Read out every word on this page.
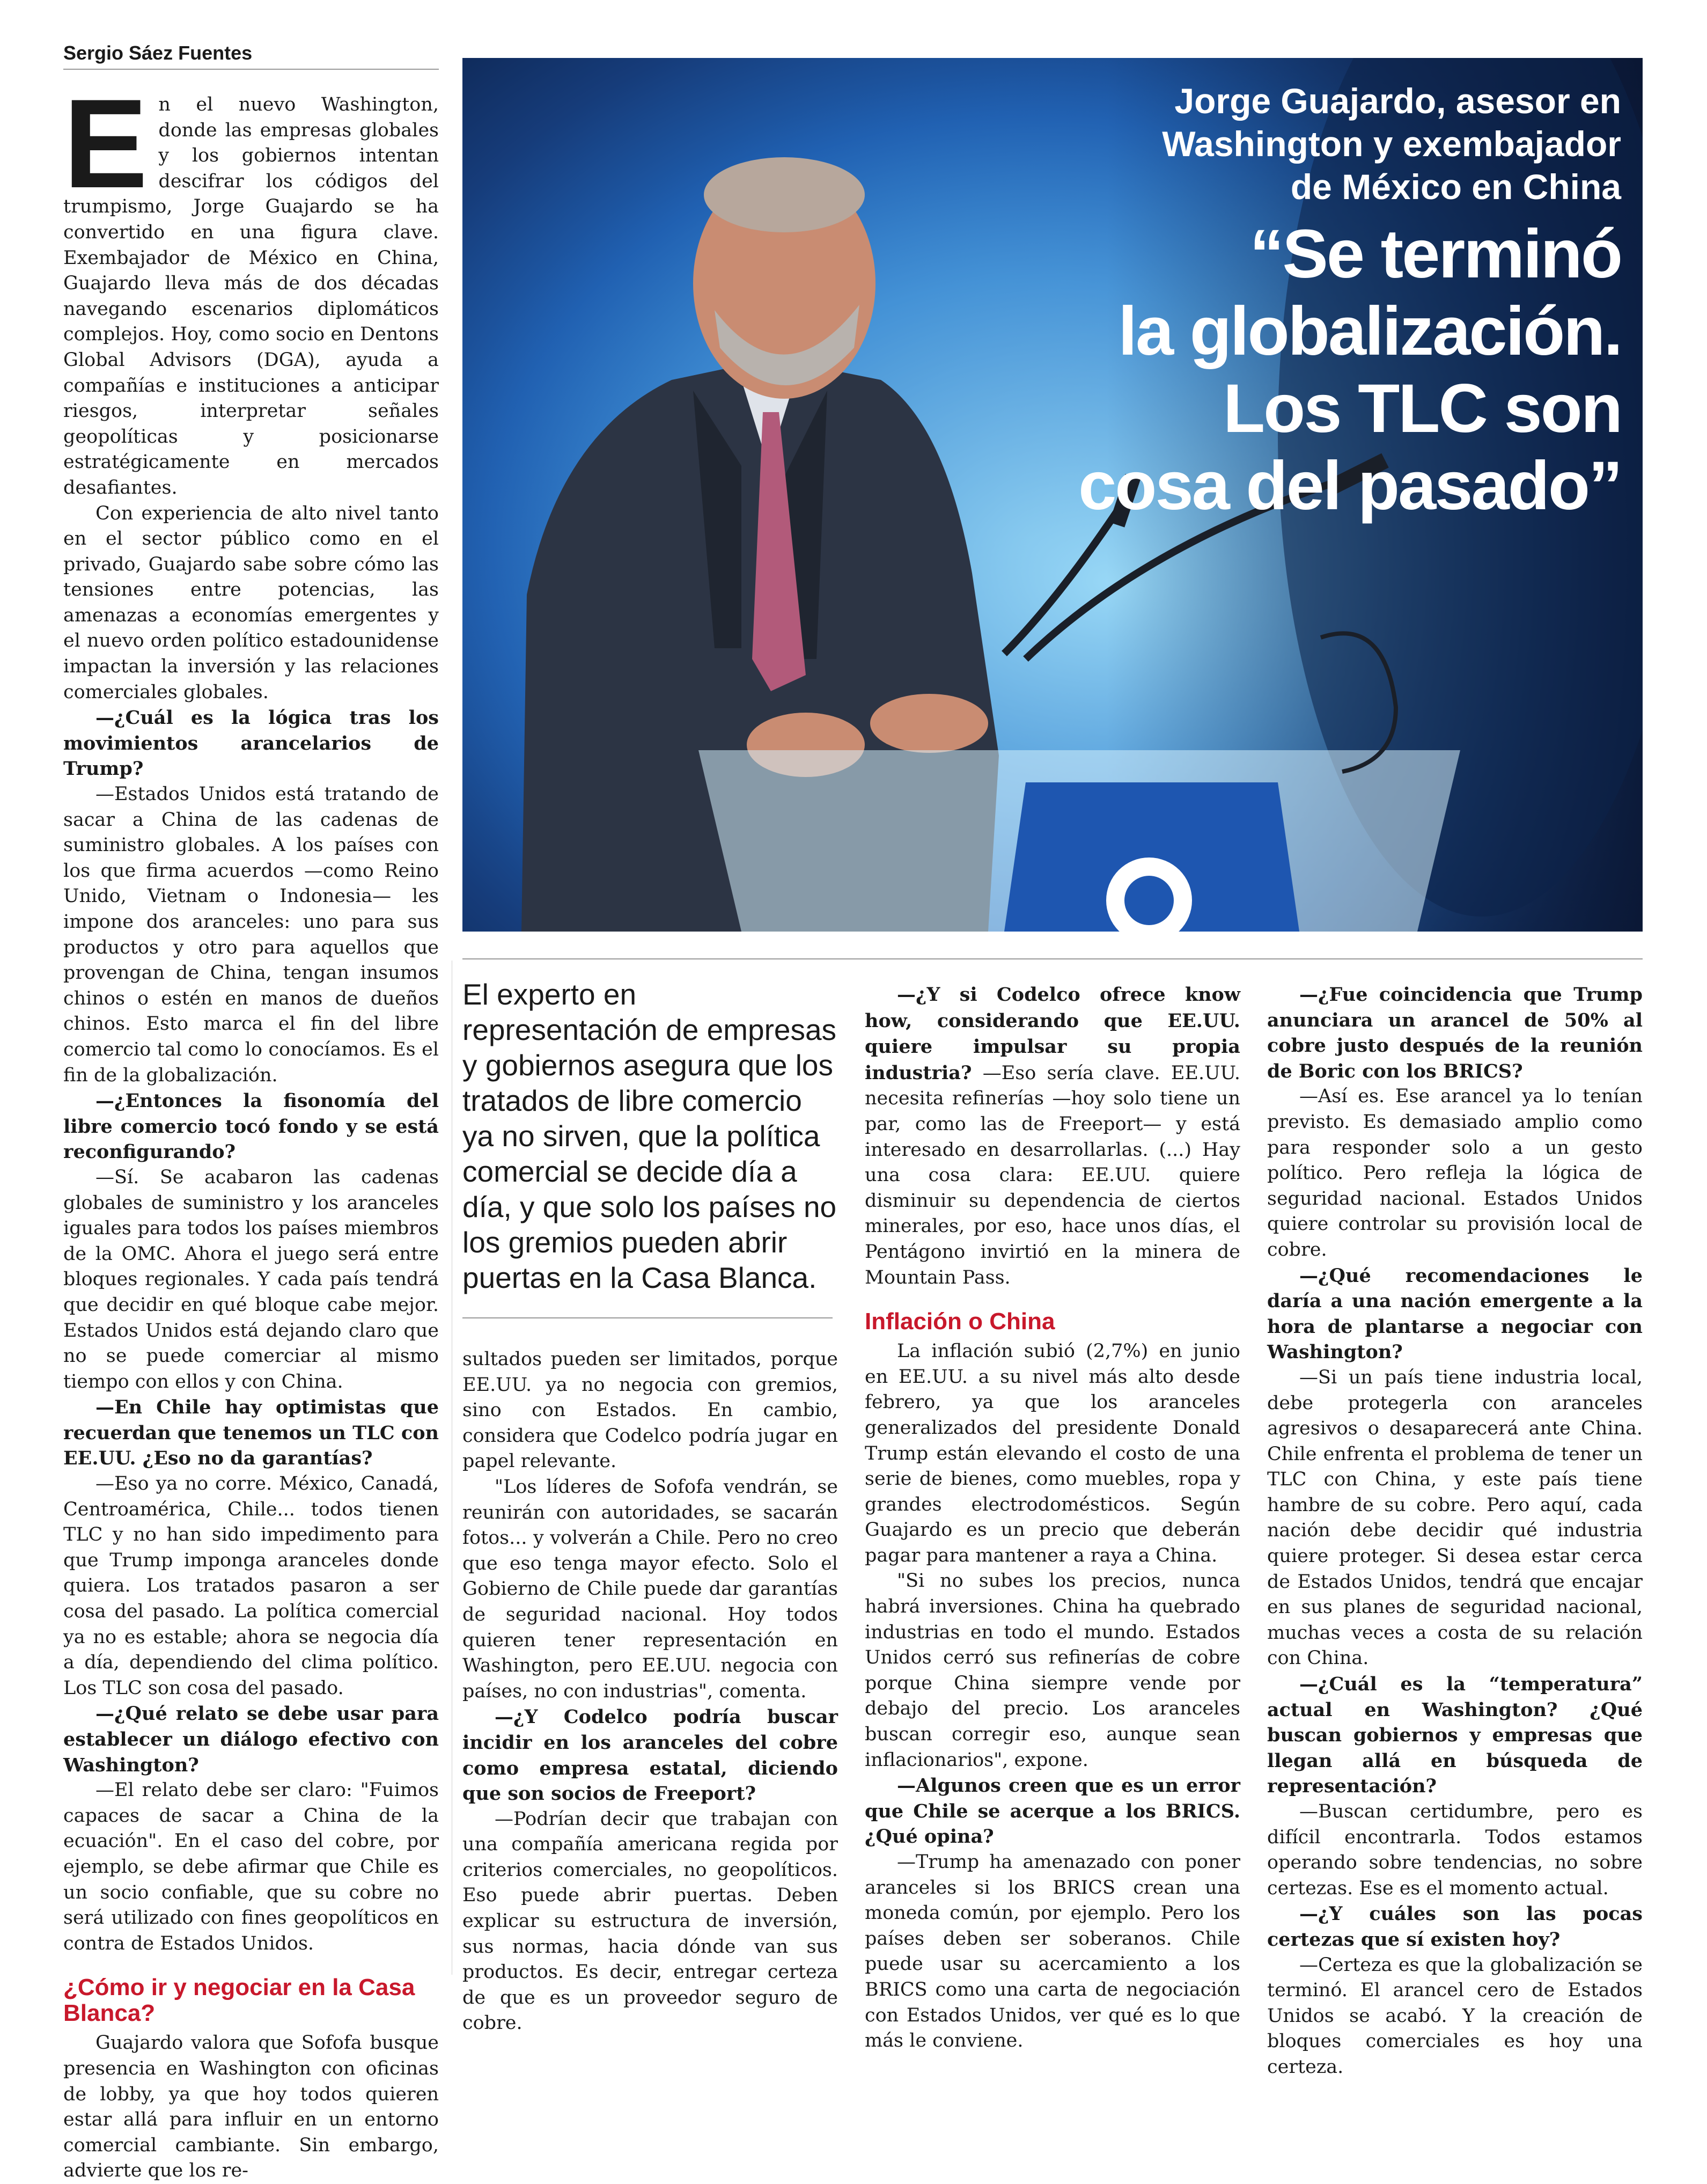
Sergio Sáez Fuentes
Jorge Guajardo, asesor en
Washington y exembajador
de México en China
“Se terminó
la globalización.
Los TLC son
cosa del pasado”
El experto en representación de empresas y gobiernos asegura que los tratados de libre comercio ya no sirven, que la política comercial se decide día a día, y que solo los países no los gremios pueden abrir puertas en la Casa Blanca.

En el nuevo Washington, donde las empresas globales y los gobiernos intentan descifrar los códigos del trumpismo, Jorge Guajardo se ha convertido en una figura clave. Exembajador de México en China, Guajardo lleva más de dos décadas navegando escenarios diplomáticos complejos. Hoy, como socio en Dentons Global Advisors (DGA), ayuda a compañías e instituciones a anticipar riesgos, interpretar señales geopolíticas y posicionarse estratégicamente en mercados desafiantes.

Con experiencia de alto nivel tanto en el sector público como en el privado, Guajardo sabe sobre cómo las tensiones entre potencias, las amenazas a economías emergentes y el nuevo orden político estadounidense impactan la inversión y las relaciones comerciales globales.

—¿Cuál es la lógica tras los movimientos arancelarios de Trump?

—Estados Unidos está tratando de sacar a China de las cadenas de suministro globales. A los países con los que firma acuerdos —como Reino Unido, Vietnam o Indonesia— les impone dos aranceles: uno para sus productos y otro para aquellos que provengan de China, tengan insumos chinos o estén en manos de dueños chinos. Esto marca el fin del libre comercio tal como lo conocíamos. Es el fin de la globalización.

—¿Entonces la fisonomía del libre comercio tocó fondo y se está reconfigurando?

—Sí. Se acabaron las cadenas globales de suministro y los aranceles iguales para todos los países miembros de la OMC. Ahora el juego será entre bloques regionales. Y cada país tendrá que decidir en qué bloque cabe mejor. Estados Unidos está dejando claro que no se puede comerciar al mismo tiempo con ellos y con China.

—En Chile hay optimistas que recuerdan que tenemos un TLC con EE.UU. ¿Eso no da garantías?

—Eso ya no corre. México, Canadá, Centroamérica, Chile... todos tienen TLC y no han sido impedimento para que Trump imponga aranceles donde quiera. Los tratados pasaron a ser cosa del pasado. La política comercial ya no es estable; ahora se negocia día a día, dependiendo del clima político. Los TLC son cosa del pasado.

—¿Qué relato se debe usar para establecer un diálogo efectivo con Washington?

—El relato debe ser claro: "Fuimos capaces de sacar a China de la ecuación". En el caso del cobre, por ejemplo, se debe afirmar que Chile es un socio confiable, que su cobre no será utilizado con fines geopolíticos en contra de Estados Unidos.

¿Cómo ir y negociar en la Casa Blanca?

Guajardo valora que Sofofa busque presencia en Washington con oficinas de lobby, ya que hoy todos quieren estar allá para influir en un entorno comercial cambiante. Sin embargo, advierte que los re-

sultados pueden ser limitados, porque EE.UU. ya no negocia con gremios, sino con Estados. En cambio, considera que Codelco podría jugar en papel relevante.

"Los líderes de Sofofa vendrán, se reunirán con autoridades, se sacarán fotos... y volverán a Chile. Pero no creo que eso tenga mayor efecto. Solo el Gobierno de Chile puede dar garantías de seguridad nacional. Hoy todos quieren tener representación en Washington, pero EE.UU. negocia con países, no con industrias", comenta.

—¿Y Codelco podría buscar incidir en los aranceles del cobre como empresa estatal, diciendo que son socios de Freeport?

—Podrían decir que trabajan con una compañía americana regida por criterios comerciales, no geopolíticos. Eso puede abrir puertas. Deben explicar su estructura de inversión, sus normas, hacia dónde van sus productos. Es decir, entregar certeza de que es un proveedor seguro de cobre.

—¿Y si Codelco ofrece know how, considerando que EE.UU. quiere impulsar su propia industria? —Eso sería clave. EE.UU. necesita refinerías —hoy solo tiene un par, como las de Freeport— y está interesado en desarrollarlas. (...) Hay una cosa clara: EE.UU. quiere disminuir su dependencia de ciertos minerales, por eso, hace unos días, el Pentágono invirtió en la minera de Mountain Pass.

Inflación o China

La inflación subió (2,7%) en junio en EE.UU. a su nivel más alto desde febrero, ya que los aranceles generalizados del presidente Donald Trump están elevando el costo de una serie de bienes, como muebles, ropa y grandes electrodomésticos. Según Guajardo es un precio que deberán pagar para mantener a raya a China.

"Si no subes los precios, nunca habrá inversiones. China ha quebrado industrias en todo el mundo. Estados Unidos cerró sus refinerías de cobre porque China siempre vende por debajo del precio. Los aranceles buscan corregir eso, aunque sean inflacionarios", expone.

—Algunos creen que es un error que Chile se acerque a los BRICS. ¿Qué opina?

—Trump ha amenazado con poner aranceles si los BRICS crean una moneda común, por ejemplo. Pero los países deben ser soberanos. Chile puede usar su acercamiento a los BRICS como una carta de negociación con Estados Unidos, ver qué es lo que más le conviene.

—¿Fue coincidencia que Trump anunciara un arancel de 50% al cobre justo después de la reunión de Boric con los BRICS?

—Así es. Ese arancel ya lo tenían previsto. Es demasiado amplio como para responder solo a un gesto político. Pero refleja la lógica de seguridad nacional. Estados Unidos quiere controlar su provisión local de cobre.

—¿Qué recomendaciones le daría a una nación emergente a la hora de plantarse a negociar con Washington?

—Si un país tiene industria local, debe protegerla con aranceles agresivos o desaparecerá ante China. Chile enfrenta el problema de tener un TLC con China, y este país tiene hambre de su cobre. Pero aquí, cada nación debe decidir qué industria quiere proteger. Si desea estar cerca de Estados Unidos, tendrá que encajar en sus planes de seguridad nacional, muchas veces a costa de su relación con China.

—¿Cuál es la “temperatura” actual en Washington? ¿Qué buscan gobiernos y empresas que llegan allá en búsqueda de representación?

—Buscan certidumbre, pero es difícil encontrarla. Todos estamos operando sobre tendencias, no sobre certezas. Ese es el momento actual.

—¿Y cuáles son las pocas certezas que sí existen hoy?

—Certeza es que la globalización se terminó. El arancel cero de Estados Unidos se acabó. Y la creación de bloques comerciales es hoy una certeza.
